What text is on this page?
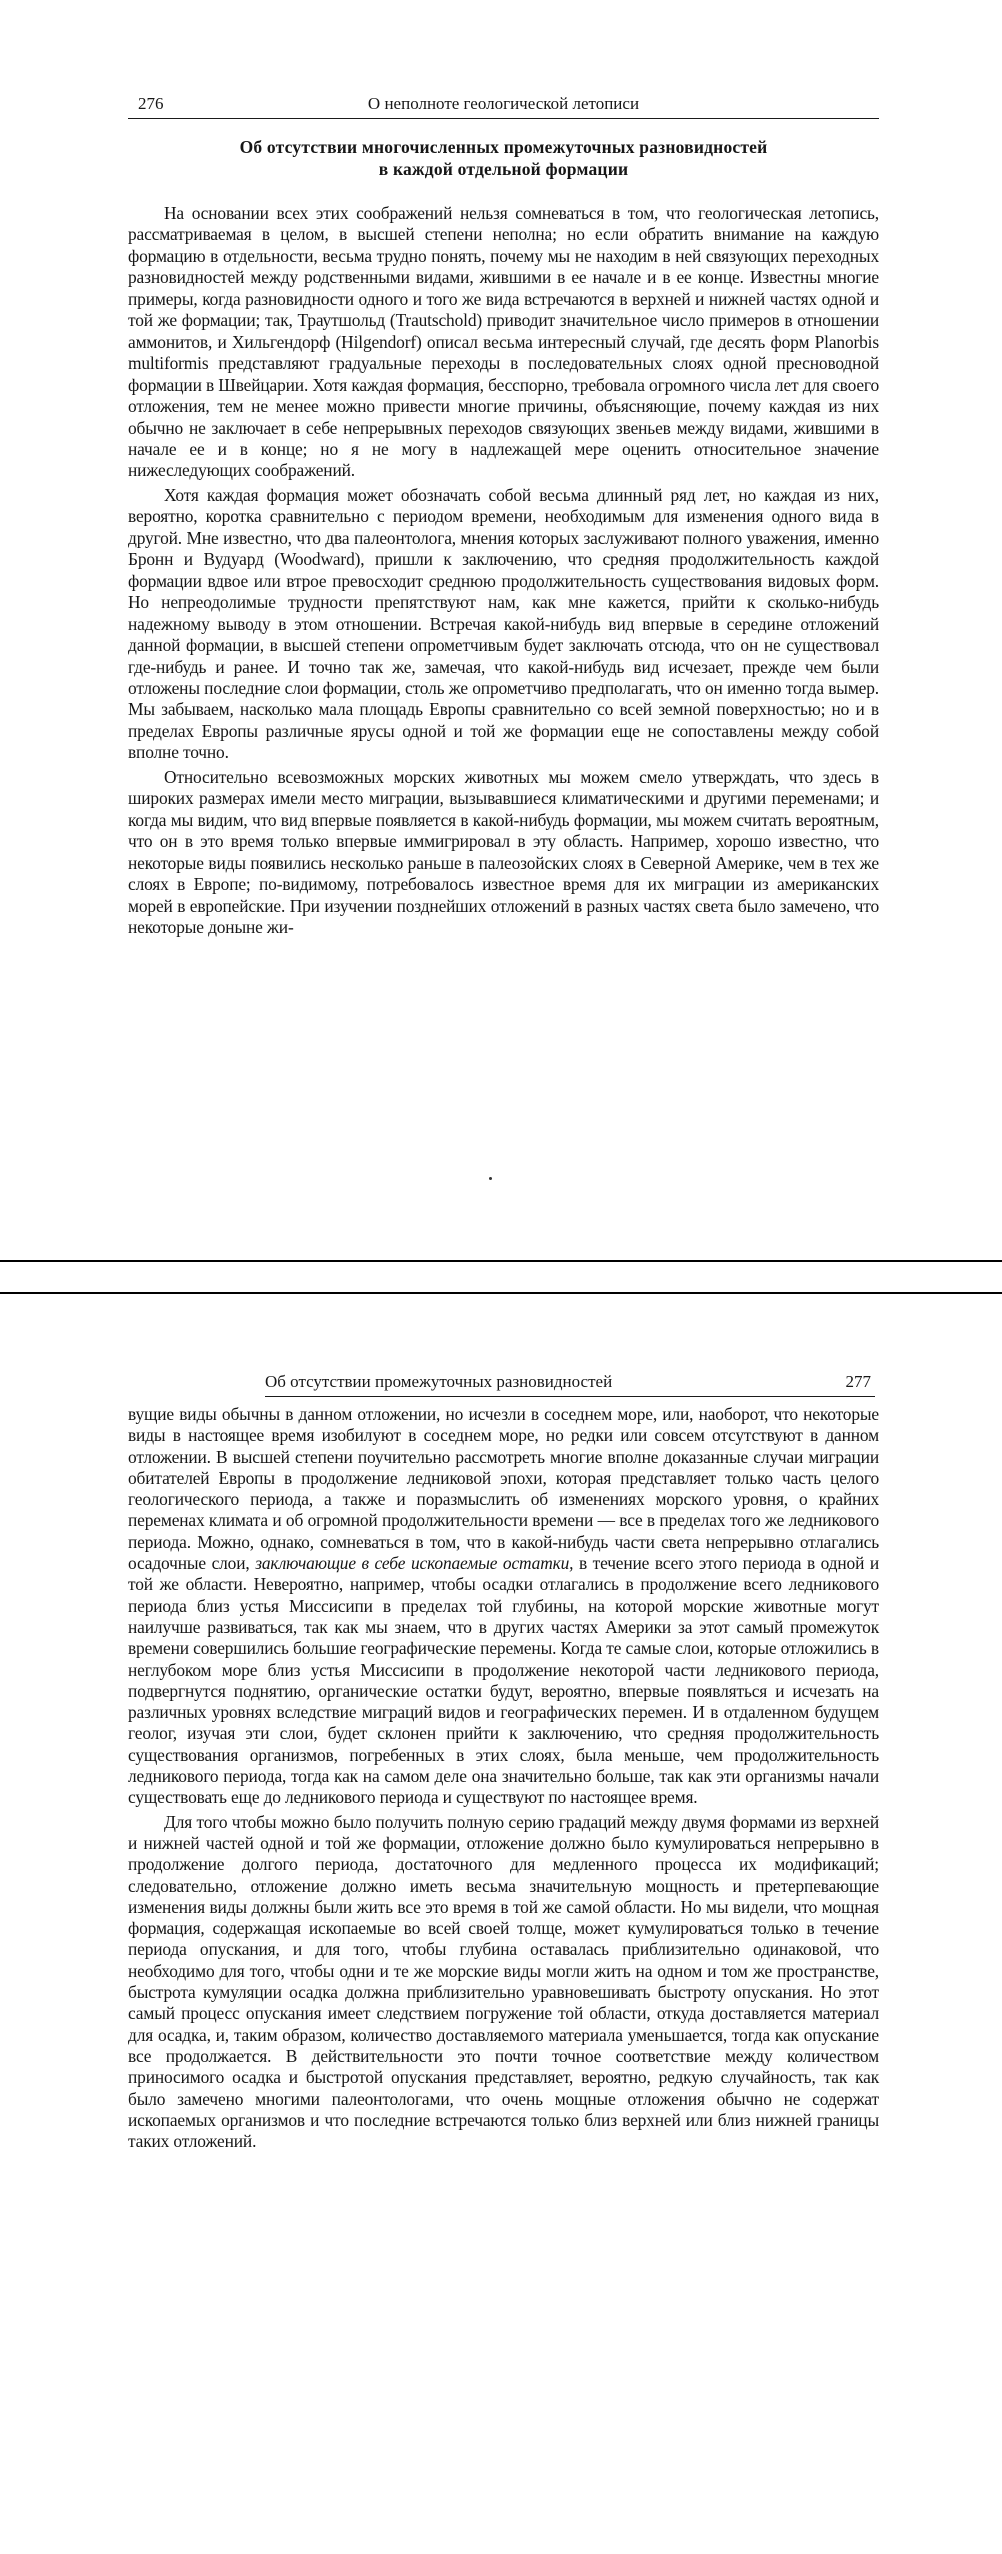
276	О неполноте геологической летописи
Об отсутствии многочисленных промежуточных разновидностей
в каждой отдельной формации

На основании всех этих соображений нельзя сомневаться в том, что геологическая летопись, рассматриваемая в целом, в высшей степени неполна; но если обратить внимание на каждую формацию в отдельности, весьма трудно понять, почему мы не находим в ней связующих переходных разновидностей между родственными видами, жившими в ее начале и в ее конце. Известны многие примеры, когда разновидности одного и того же вида встречаются в верхней и нижней частях одной и той же формации; так, Траутшольд (Trautschold) приводит значительное число примеров в отношении аммонитов, и Хильгендорф (Hilgendorf) описал весьма интересный случай, где десять форм Planorbis multiformis представляют градуальные переходы в последовательных слоях одной пресноводной формации в Швейцарии. Хотя каждая формация, бесспорно, требовала огромного числа лет для своего отложения, тем не менее можно привести многие причины, объясняющие, почему каждая из них обычно не заключает в себе непрерывных переходов связующих звеньев между видами, жившими в начале ее и в конце; но я не могу в надлежащей мере оценить относительное значение нижеследующих соображений.

Хотя каждая формация может обозначать собой весьма длинный ряд лет, но каждая из них, вероятно, коротка сравнительно с периодом времени, необходимым для изменения одного вида в другой. Мне известно, что два палеонтолога, мнения которых заслуживают полного уважения, именно Бронн и Вудуард (Woodward), пришли к заключению, что средняя продолжительность каждой формации вдвое или втрое превосходит среднюю продолжительность существования видовых форм. Но непреодолимые трудности препятствуют нам, как мне кажется, прийти к сколько-нибудь надежному выводу в этом отношении. Встречая какой-нибудь вид впервые в середине отложений данной формации, в высшей степени опрометчивым будет заключать отсюда, что он не существовал где-нибудь и ранее. И точно так же, замечая, что какой-нибудь вид исчезает, прежде чем были отложены последние слои формации, столь же опрометчиво предполагать, что он именно тогда вымер. Мы забываем, насколько мала площадь Европы сравнительно со всей земной поверхностью; но и в пределах Европы различные ярусы одной и той же формации еще не сопоставлены между собой вполне точно.

Относительно всевозможных морских животных мы можем смело утверждать, что здесь в широких размерах имели место миграции, вызывавшиеся климатическими и другими переменами; и когда мы видим, что вид впервые появляется в какой-нибудь формации, мы можем считать вероятным, что он в это время только впервые иммигрировал в эту область. Например, хорошо известно, что некоторые виды появились несколько раньше в палеозойских слоях в Северной Америке, чем в тех же слоях в Европе; по-видимому, потребовалось известное время для их миграции из американских морей в европейские. При изучении позднейших отложений в разных частях света было замечено, что некоторые доныне жи-

Об отсутствии промежуточных разновидностей	277

вущие виды обычны в данном отложении, но исчезли в соседнем море, или, наоборот, что некоторые виды в настоящее время изобилуют в соседнем море, но редки или совсем отсутствуют в данном отложении. В высшей степени поучительно рассмотреть многие вполне доказанные случаи миграции обитателей Европы в продолжение ледниковой эпохи, которая представляет только часть целого геологического периода, а также и поразмыслить об изменениях морского уровня, о крайних переменах климата и об огромной продолжительности времени — все в пределах того же ледникового периода. Можно, однако, сомневаться в том, что в какой-нибудь части света непрерывно отлагались осадочные слои, заключающие в себе ископаемые остатки, в течение всего этого периода в одной и той же области. Невероятно, например, чтобы осадки отлагались в продолжение всего ледникового периода близ устья Миссисипи в пределах той глубины, на которой морские животные могут наилучше развиваться, так как мы знаем, что в других частях Америки за этот самый промежуток времени совершились большие географические перемены. Когда те самые слои, которые отложились в неглубоком море близ устья Миссисипи в продолжение некоторой части ледникового периода, подвергнутся поднятию, органические остатки будут, вероятно, впервые появляться и исчезать на различных уровнях вследствие миграций видов и географических перемен. И в отдаленном будущем геолог, изучая эти слои, будет склонен прийти к заключению, что средняя продолжительность существования организмов, погребенных в этих слоях, была меньше, чем продолжительность ледникового периода, тогда как на самом деле она значительно больше, так как эти организмы начали существовать еще до ледникового периода и существуют по настоящее время.

Для того чтобы можно было получить полную серию градаций между двумя формами из верхней и нижней частей одной и той же формации, отложение должно было кумулироваться непрерывно в продолжение долгого периода, достаточного для медленного процесса их модификаций; следовательно, отложение должно иметь весьма значительную мощность и претерпевающие изменения виды должны были жить все это время в той же самой области. Но мы видели, что мощная формация, содержащая ископаемые во всей своей толще, может кумулироваться только в течение периода опускания, и для того, чтобы глубина оставалась приблизительно одинаковой, что необходимо для того, чтобы одни и те же морские виды могли жить на одном и том же пространстве, быстрота кумуляции осадка должна приблизительно уравновешивать быстроту опускания. Но этот самый процесс опускания имеет следствием погружение той области, откуда доставляется материал для осадка, и, таким образом, количество доставляемого материала уменьшается, тогда как опускание все продолжается. В действительности это почти точное соответствие между количеством приносимого осадка и быстротой опускания представляет, вероятно, редкую случайность, так как было замечено многими палеонтологами, что очень мощные отложения обычно не содержат ископаемых организмов и что последние встречаются только близ верхней или близ нижней границы таких отложений.
